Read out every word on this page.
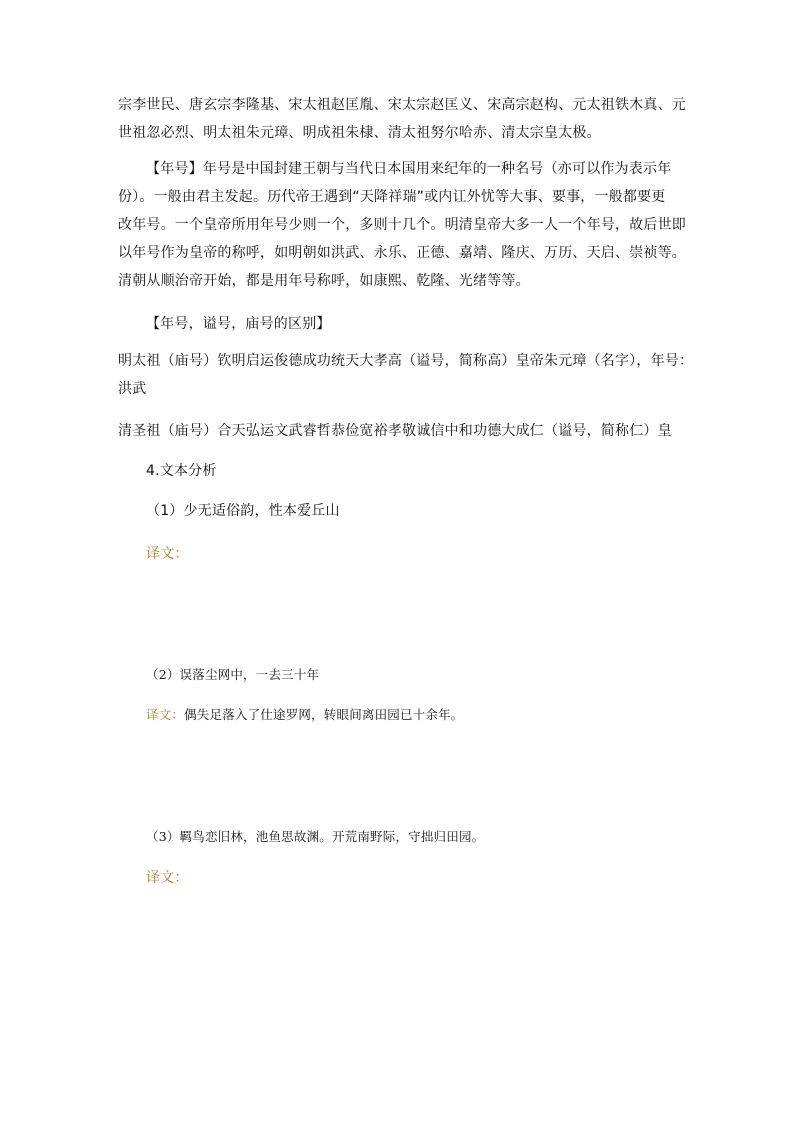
宗李世民、唐玄宗李隆基、宋太祖赵匡胤、宋太宗赵匡义、宋高宗赵构、元太祖铁木真、元
世祖忽必烈、明太祖朱元璋、明成祖朱棣、清太祖努尔哈赤、清太宗皇太极。
【年号】年号是中国封建王朝与当代日本国用来纪年的一种名号（亦可以作为表示年
份）。一般由君主发起。历代帝王遇到“天降祥瑞”或内讧外忧等大事、要事，一般都要更
改年号。一个皇帝所用年号少则一个，多则十几个。明清皇帝大多一人一个年号，故后世即
以年号作为皇帝的称呼，如明朝如洪武、永乐、正德、嘉靖、隆庆、万历、天启、崇祯等。
清朝从顺治帝开始，都是用年号称呼，如康熙、乾隆、光绪等等。
【年号，谥号，庙号的区别】
明太祖（庙号）钦明启运俊德成功统天大孝高（谥号，简称高）皇帝朱元璋（名字），年号：
洪武
清圣祖（庙号）合天弘运文武睿哲恭俭宽裕孝敬诚信中和功德大成仁（谥号，简称仁）皇
4.文本分析
（1）少无适俗韵，性本爱丘山
译文：
（2）误落尘网中，一去三十年
译文：偶失足落入了仕途罗网，转眼间离田园已十余年。
（3）羁鸟恋旧林，池鱼思故渊。开荒南野际，守拙归田园。
译文：
